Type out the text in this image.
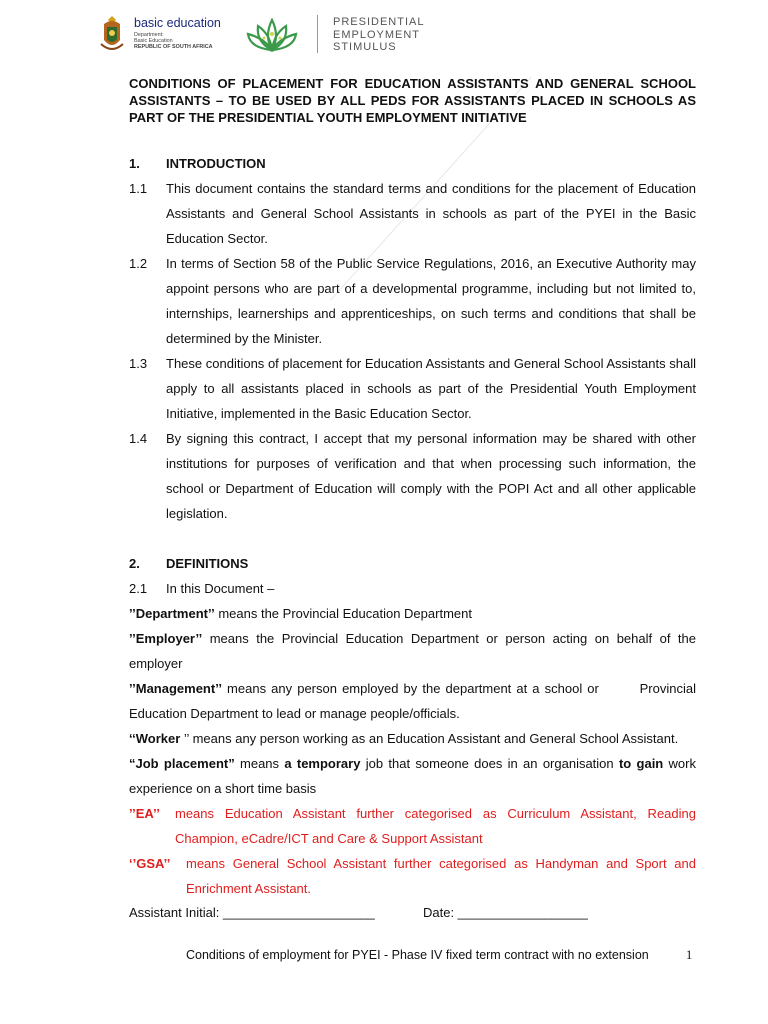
basic education
Department:
Basic Education
REPUBLIC OF SOUTH AFRICA
PRESIDENTIAL
EMPLOYMENT
STIMULUS

CONDITIONS OF PLACEMENT FOR EDUCATION ASSISTANTS AND GENERAL SCHOOL ASSISTANTS – TO BE USED BY ALL PEDS FOR ASSISTANTS PLACED IN SCHOOLS AS PART OF THE PRESIDENTIAL YOUTH EMPLOYMENT INITIATIVE

1.	INTRODUCTION
1.1	This document contains the standard terms and conditions for the placement of Education Assistants and General School Assistants in schools as part of the PYEI in the Basic Education Sector.
1.2	In terms of Section 58 of the Public Service Regulations, 2016, an Executive Authority may appoint persons who are part of a developmental programme, including but not limited to, internships, learnerships and apprenticeships, on such terms and conditions that shall be determined by the Minister.
1.3	These conditions of placement for Education Assistants and General School Assistants shall apply to all assistants placed in schools as part of the Presidential Youth Employment Initiative, implemented in the Basic Education Sector.
1.4	By signing this contract, I accept that my personal information may be shared with other institutions for purposes of verification and that when processing such information, the school or Department of Education will comply with the POPI Act and all other applicable legislation.
2.	DEFINITIONS
2.1	In this Document –
’’Department’’ means the Provincial Education Department
’’Employer’’ means the Provincial Education Department or person acting on behalf of the employer
’’Management’’ means any person employed by the department at a school or        Provincial Education Department to lead or manage people/officials.
‘‘Worker ’’ means any person working as an Education Assistant and General School Assistant.
“Job placement” means a temporary job that someone does in an organisation to gain work experience on a short time basis
’’EA’’	means Education Assistant further categorised as Curriculum Assistant, Reading Champion, eCadre/ICT and Care & Support Assistant
‘’GSA’’	means General School Assistant further categorised as Handyman and Sport and Enrichment Assistant.
Assistant Initial: _____________________	Date: __________________
Conditions of employment for PYEI - Phase IV fixed term contract with no extension	1
